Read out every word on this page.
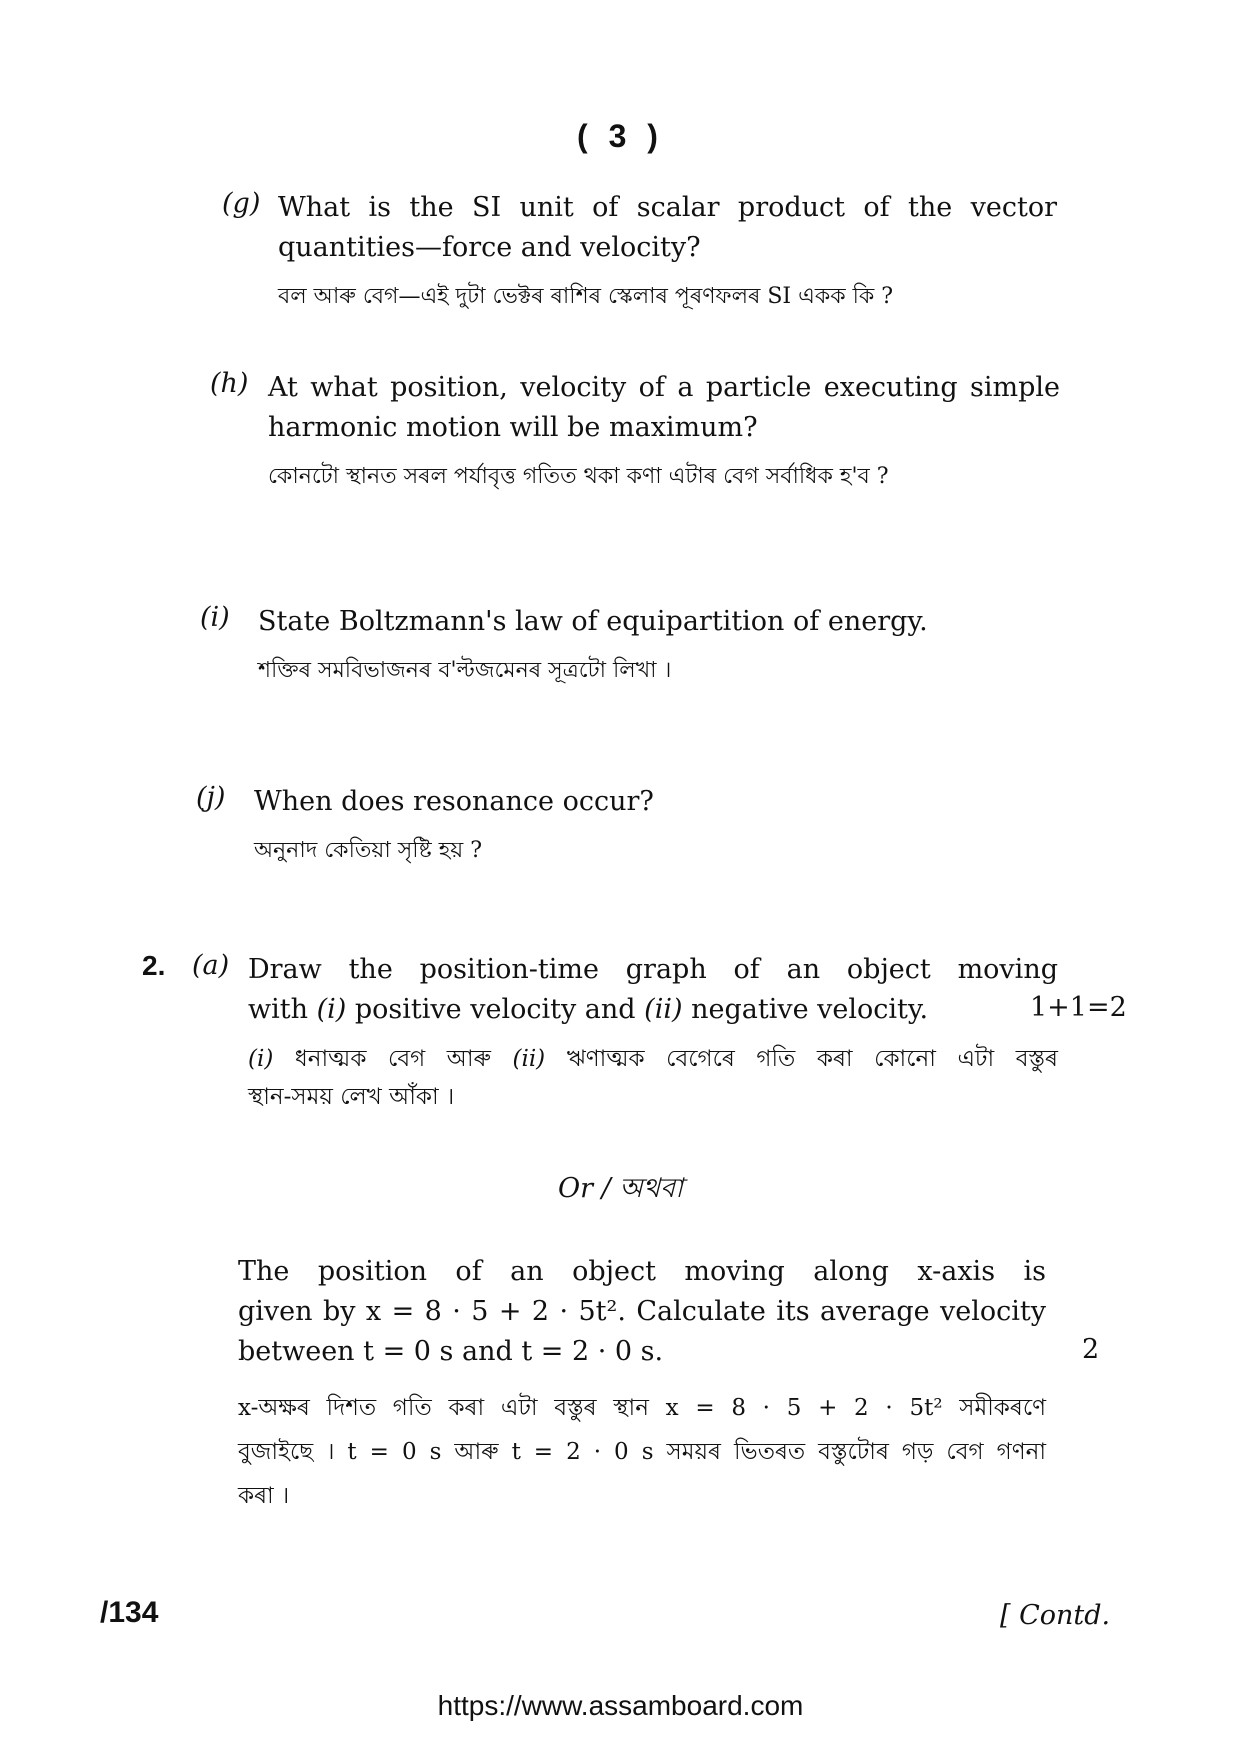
( 3 )
(g) What is the SI unit of scalar product of the vector
quantities—force and velocity?
বল আৰু বেগ—এই দুটা ভেক্টৰ ৰাশিৰ স্কেলাৰ পূৰণফলৰ SI একক কি ?
(h) At what position, velocity of a particle executing simple
harmonic motion will be maximum?
কোনটো স্থানত সৰল পৰ্যাবৃত্ত গতিত থকা কণা এটাৰ বেগ সৰ্বাধিক হ'ব ?
(i) State Boltzmann's law of equipartition of energy.
শক্তিৰ সমবিভাজনৰ ব'ল্টজমেনৰ সূত্ৰটো লিখা ।
(j) When does resonance occur?
অনুনাদ কেতিয়া সৃষ্টি হয় ?
2. (a) Draw the position-time graph of an object moving
with (i) positive velocity and (ii) negative velocity.
(i) ধনাত্মক বেগ আৰু (ii) ঋণাত্মক বেগেৰে গতি কৰা কোনো এটা বস্তুৰ
স্থান-সময় লেখ আঁকা ।
1+1=2
Or / অথবা
The position of an object moving along x-axis is
given by x = 8 · 5 + 2 · 5t². Calculate its average velocity
between t = 0 s and t = 2 · 0 s.	2
x-অক্ষৰ দিশত গতি কৰা এটা বস্তুৰ স্থান x = 8 · 5 + 2 · 5t² সমীকৰণে
বুজাইছে । t = 0 s আৰু t = 2 · 0 s সময়ৰ ভিতৰত বস্তুটোৰ গড় বেগ গণনা
কৰা ।
/134	[ Contd.
https://www.assamboard.com
